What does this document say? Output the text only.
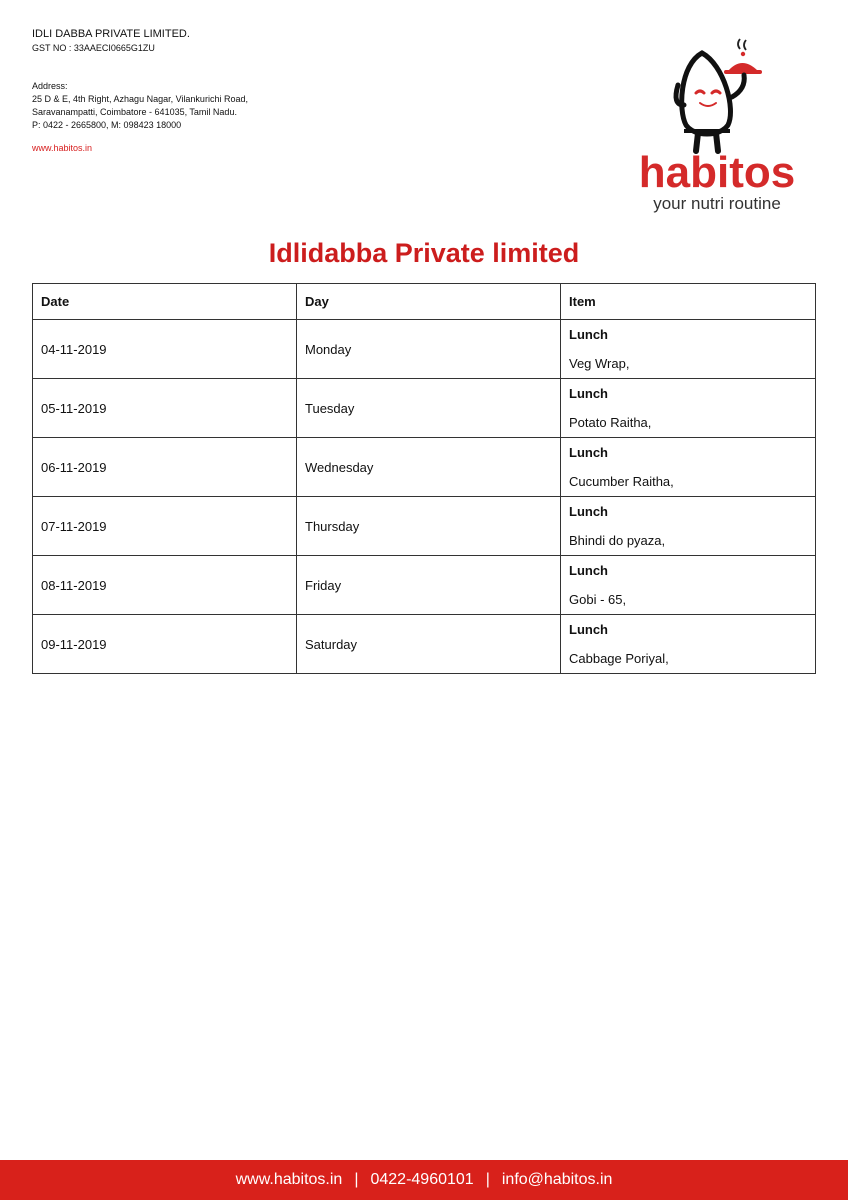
IDLI DABBA PRIVATE LIMITED.
GST NO : 33AAECI0665G1ZU
Address:
25 D & E, 4th Right, Azhagu Nagar, Vilankurichi Road,
Saravanampatti, Coimbatore - 641035, Tamil Nadu.
P: 0422 - 2665800, M: 098423 18000
www.habitos.in	habitos
your nutri routine
Idlidabba Private limited
Date	Day	Item
04-11-2019	Monday	Lunch
Veg Wrap,

05-11-2019	Tuesday	Lunch
Potato Raitha,

06-11-2019	Wednesday	Lunch
Cucumber Raitha,

07-11-2019	Thursday	Lunch
Bhindi do pyaza,

08-11-2019	Friday	Lunch
Gobi - 65,

09-11-2019	Saturday	Lunch
Cabbage Poriyal,
www.habitos.in | 0422-4960101 | info@habitos.in
